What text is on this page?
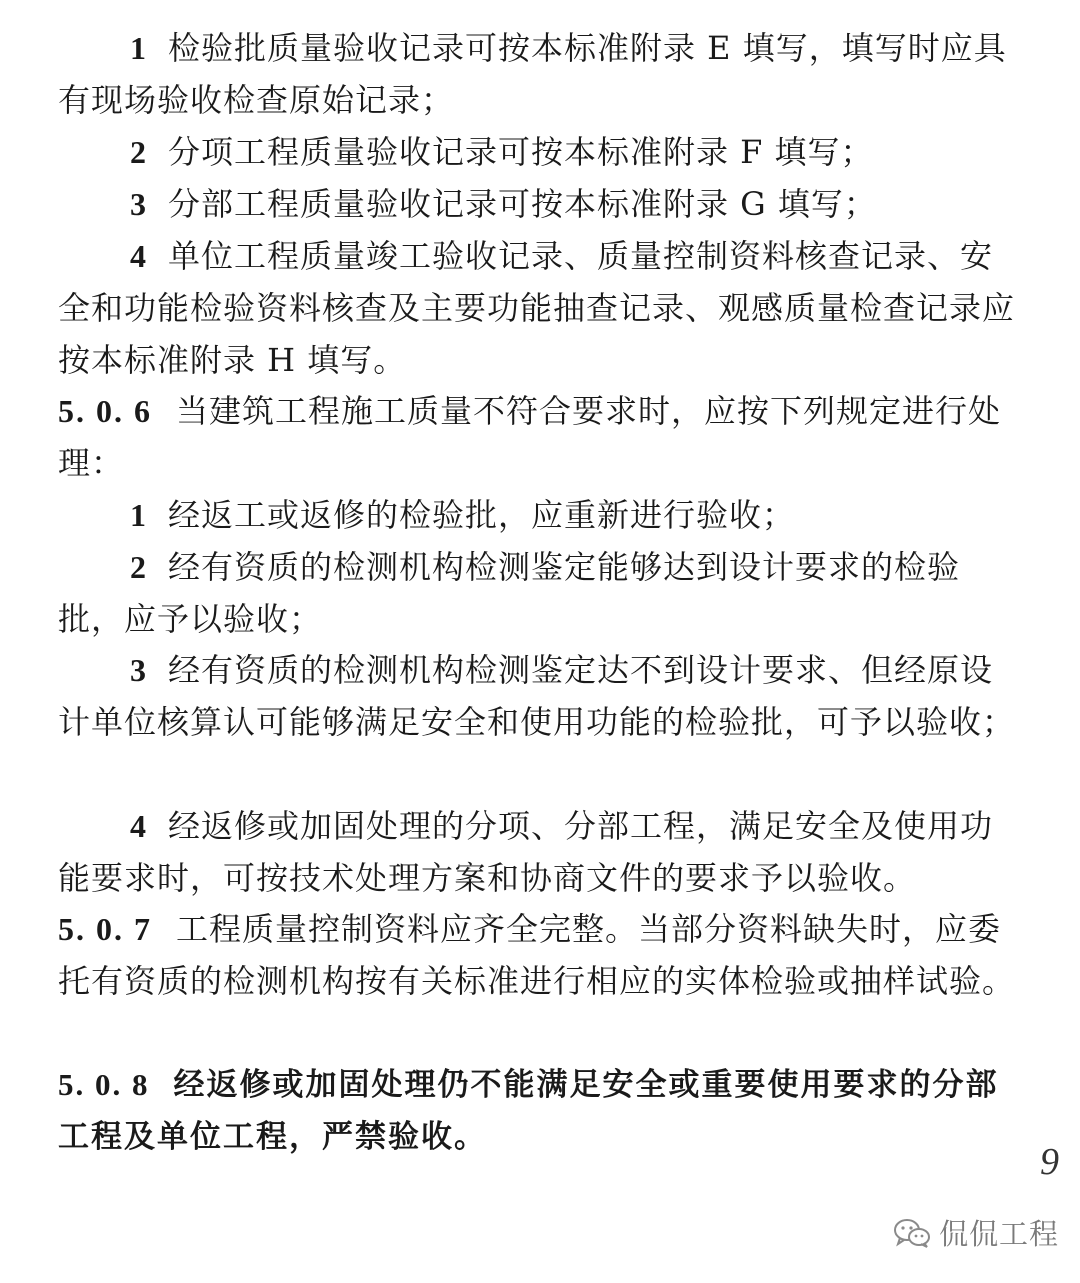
1 检验批质量验收记录可按本标准附录 E 填写，填写时应具有现场验收检查原始记录；

2 分项工程质量验收记录可按本标准附录 F 填写；

3 分部工程质量验收记录可按本标准附录 G 填写；

4 单位工程质量竣工验收记录、质量控制资料核查记录、安全和功能检验资料核查及主要功能抽查记录、观感质量检查记录应按本标准附录 H 填写。

5. 0. 6 当建筑工程施工质量不符合要求时，应按下列规定进行处理：

1 经返工或返修的检验批，应重新进行验收；

2 经有资质的检测机构检测鉴定能够达到设计要求的检验批，应予以验收；

3 经有资质的检测机构检测鉴定达不到设计要求、但经原设计单位核算认可能够满足安全和使用功能的检验批，可予以验收；

4 经返修或加固处理的分项、分部工程，满足安全及使用功能要求时，可按技术处理方案和协商文件的要求予以验收。

5. 0. 7 工程质量控制资料应齐全完整。当部分资料缺失时，应委托有资质的检测机构按有关标准进行相应的实体检验或抽样试验。

5. 0. 8 经返修或加固处理仍不能满足安全或重要使用要求的分部工程及单位工程，严禁验收。

9
侃侃工程
